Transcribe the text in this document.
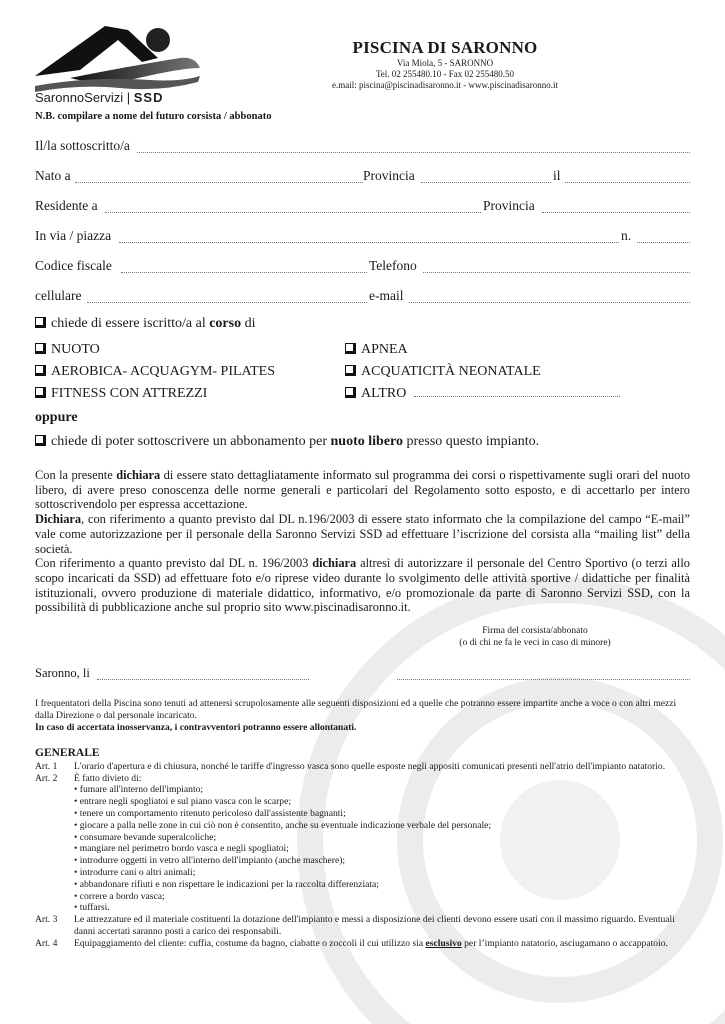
SaronnoServizi | SSD
PISCINA DI SARONNO
Via Miola, 5 - SARONNO
Tel. 02 255480.10 - Fax 02 255480.50
e.mail: piscina@piscinadisaronno.it - www.piscinadisaronno.it
N.B. compilare a nome del futuro corsista / abbonato
Il/la sottoscritto/a
Nato a	Provincia	il
Residente a	Provincia
In via / piazza	n.
Codice fiscale	Telefono
cellulare	e-mail
chiede di essere iscritto/a al corso di
NUOTO	APNEA
AEROBICA- ACQUAGYM- PILATES	ACQUATICITÀ NEONATALE
FITNESS CON ATTREZZI	ALTRO
oppure
chiede di poter sottoscrivere un abbonamento per nuoto libero presso questo impianto.

Con la presente dichiara di essere stato dettagliatamente informato sul programma dei corsi o rispettivamente sugli orari del nuoto libero, di avere preso conoscenza delle norme generali e particolari del Regolamento sotto esposto, e di accettarlo per intero sottoscrivendolo per espressa accettazione.

Dichiara, con riferimento a quanto previsto dal DL n.196/2003 di essere stato informato che la compilazione del campo “E-mail” vale come autorizzazione per il personale della Saronno Servizi SSD ad effettuare l’iscrizione del corsista alla “mailing list” della società.

Con riferimento a quanto previsto dal DL n. 196/2003 dichiara altresì di autorizzare il personale del Centro Sportivo (o terzi allo scopo incaricati da SSD) ad effettuare foto e/o riprese video durante lo svolgimento delle attività sportive / didattiche per finalità istituzionali, ovvero produzione di materiale didattico, informativo, e/o promozionale da parte di Saronno Servizi SSD, con la possibilità di pubblicazione anche sul proprio sito www.piscinadisaronno.it.

Firma del corsista/abbonato
(o di chi ne fa le veci in caso di minore)
Saronno, li
I frequentatori della Piscina sono tenuti ad attenersi scrupolosamente alle seguenti disposizioni ed a quelle che potranno essere impartite anche a voce o con altri mezzi dalla Direzione o dal personale incaricato.
In caso di accertata inosservanza, i contravventori potranno essere allontanati.
GENERALE
Art. 1 L'orario d'apertura e di chiusura, nonché le tariffe d'ingresso vasca sono quelle esposte negli appositi comunicati presenti nell'atrio dell'impianto natatorio.
Art. 2 È fatto divieto di:
• fumare all'interno dell'impianto;
• entrare negli spogliatoi e sul piano vasca con le scarpe;
• tenere un comportamento ritenuto pericoloso dall'assistente bagnanti;
• giocare a palla nelle zone in cui ciò non è consentito, anche su eventuale indicazione verbale del personale;
• consumare bevande superalcoliche;
• mangiare nel perimetro bordo vasca e negli spogliatoi;
• introdurre oggetti in vetro all'interno dell'impianto (anche maschere);
• introdurre cani o altri animali;
• abbandonare rifiuti e non rispettare le indicazioni per la raccolta differenziata;
• correre a bordo vasca;
• tuffarsi.
Art. 3 Le attrezzature ed il materiale costituenti la dotazione dell'impianto e messi a disposizione dei clienti devono essere usati con il massimo riguardo. Eventuali danni accertati saranno posti a carico dei responsabili.
Art. 4 Equipaggiamento del cliente: cuffia, costume da bagno, ciabatte o zoccoli il cui utilizzo sia esclusivo per l’impianto natatorio, asciugamano o accappatoio.
